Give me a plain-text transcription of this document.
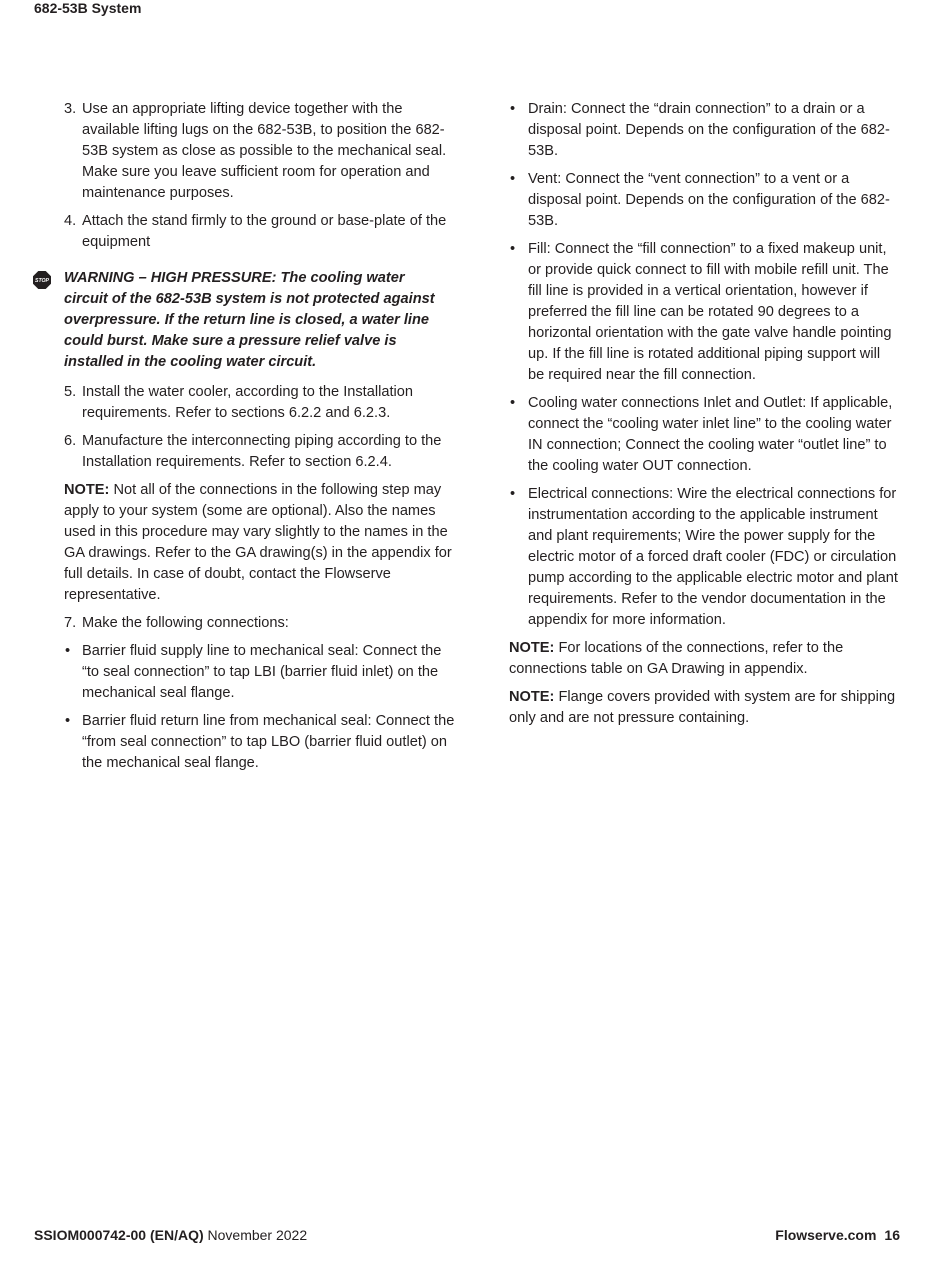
682-53B System
3. Use an appropriate lifting device together with the available lifting lugs on the 682-53B, to position the 682-53B system as close as possible to the mechanical seal. Make sure you leave sufficient room for operation and maintenance purposes.
4. Attach the stand firmly to the ground or base-plate of the equipment
STOP WARNING – HIGH PRESSURE: The cooling water circuit of the 682-53B system is not protected against overpressure. If the return line is closed, a water line could burst. Make sure a pressure relief valve is installed in the cooling water circuit.
5. Install the water cooler, according to the Installation requirements. Refer to sections 6.2.2 and 6.2.3.
6. Manufacture the interconnecting piping according to the Installation requirements. Refer to section 6.2.4.
NOTE: Not all of the connections in the following step may apply to your system (some are optional). Also the names used in this procedure may vary slightly to the names in the GA drawings. Refer to the GA drawing(s) in the appendix for full details. In case of doubt, contact the Flowserve representative.
7. Make the following connections:
• Barrier fluid supply line to mechanical seal: Connect the “to seal connection” to tap LBI (barrier fluid inlet) on the mechanical seal flange.
• Barrier fluid return line from mechanical seal: Connect the “from seal connection” to tap LBO (barrier fluid outlet) on the mechanical seal flange.
• Drain: Connect the “drain connection” to a drain or a disposal point. Depends on the configuration of the 682-53B.
• Vent: Connect the “vent connection” to a vent or a disposal point. Depends on the configuration of the 682-53B.
• Fill: Connect the “fill connection” to a fixed makeup unit, or provide quick connect to fill with mobile refill unit. The fill line is provided in a vertical orientation, however if preferred the fill line can be rotated 90 degrees to a horizontal orientation with the gate valve handle pointing up. If the fill line is rotated additional piping support will be required near the fill connection.
• Cooling water connections Inlet and Outlet: If applicable, connect the “cooling water inlet line” to the cooling water IN connection; Connect the cooling water “outlet line” to the cooling water OUT connection.
• Electrical connections: Wire the electrical connections for instrumentation according to the applicable instrument and plant requirements; Wire the power supply for the electric motor of a forced draft cooler (FDC) or circulation pump according to the applicable electric motor and plant requirements. Refer to the vendor documentation in the appendix for more information.
NOTE: For locations of the connections, refer to the connections table on GA Drawing in appendix.
NOTE: Flange covers provided with system are for shipping only and are not pressure containing.
SSIOM000742-00 (EN/AQ) November 2022	Flowserve.com 16
